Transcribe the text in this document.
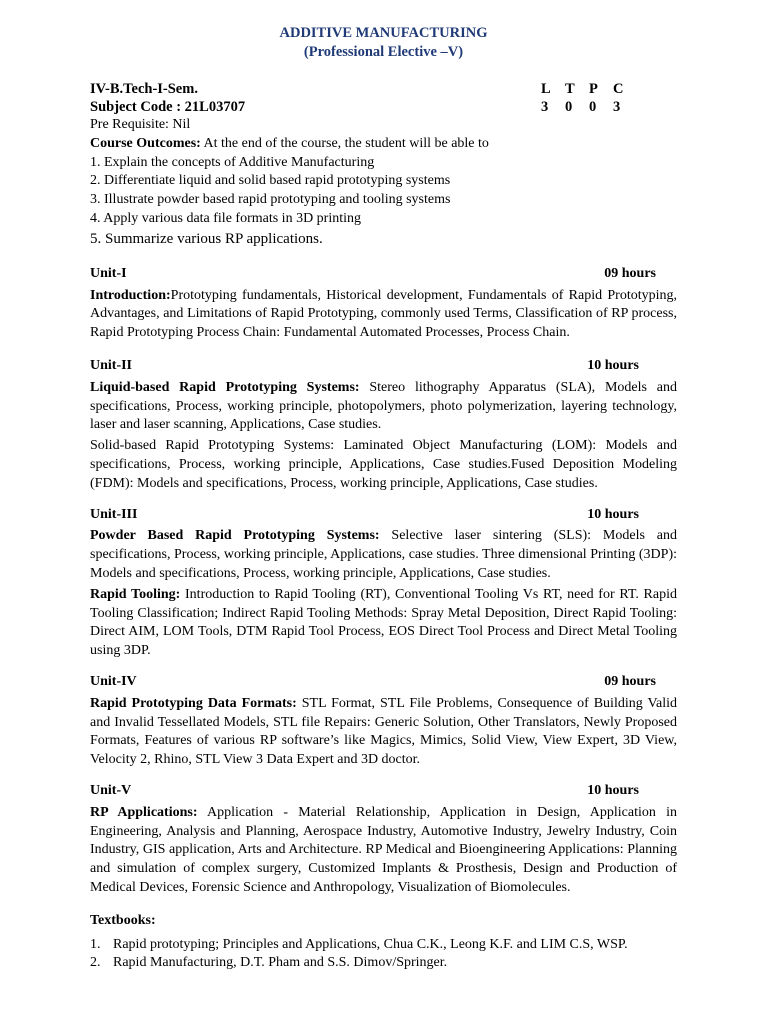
ADDITIVE MANUFACTURING
(Professional Elective –V)
IV-B.Tech-I-Sem.	L T P	C
Subject Code : 21L03707	3	0	0	3

Pre Requisite: Nil

Course Outcomes: At the end of the course, the student will be able to

1. Explain the concepts of Additive Manufacturing
2. Differentiate liquid and solid based rapid prototyping systems
3. Illustrate powder based rapid prototyping and tooling systems
4. Apply various data file formats in 3D printing
5. Summarize various RP applications.
Unit-I	09 hours

Introduction:Prototyping fundamentals, Historical development, Fundamentals of Rapid Prototyping, Advantages, and Limitations of Rapid Prototyping, commonly used Terms, Classification of RP process, Rapid Prototyping Process Chain: Fundamental Automated Processes, Process Chain.

Unit-II	10 hours

Liquid-based Rapid Prototyping Systems: Stereo lithography Apparatus (SLA), Models and specifications, Process, working principle, photopolymers, photo polymerization, layering technology, laser and laser scanning, Applications, Case studies.

Solid-based Rapid Prototyping Systems: Laminated Object Manufacturing (LOM): Models and specifications, Process, working principle, Applications, Case studies.Fused Deposition Modeling (FDM): Models and specifications, Process, working principle, Applications, Case studies.

Unit-III	10 hours

Powder Based Rapid Prototyping Systems: Selective laser sintering (SLS): Models and specifications, Process, working principle, Applications, case studies. Three dimensional Printing (3DP): Models and specifications, Process, working principle, Applications, Case studies.

Rapid Tooling: Introduction to Rapid Tooling (RT), Conventional Tooling Vs RT, need for RT. Rapid Tooling Classification; Indirect Rapid Tooling Methods: Spray Metal Deposition, Direct Rapid Tooling: Direct AIM, LOM Tools, DTM Rapid Tool Process, EOS Direct Tool Process and Direct Metal Tooling using 3DP.

Unit-IV	09 hours

Rapid Prototyping Data Formats: STL Format, STL File Problems, Consequence of Building Valid and Invalid Tessellated Models, STL file Repairs: Generic Solution, Other Translators, Newly Proposed Formats, Features of various RP software’s like Magics, Mimics, Solid View, View Expert, 3D View, Velocity 2, Rhino, STL View 3 Data Expert and 3D doctor.

Unit-V	10 hours

RP Applications: Application - Material Relationship, Application in Design, Application in Engineering, Analysis and Planning, Aerospace Industry, Automotive Industry, Jewelry Industry, Coin Industry, GIS application, Arts and Architecture. RP Medical and Bioengineering Applications: Planning and simulation of complex surgery, Customized Implants & Prosthesis, Design and Production of Medical Devices, Forensic Science and Anthropology, Visualization of Biomolecules.

Textbooks:
1. Rapid prototyping; Principles and Applications, Chua C.K., Leong K.F. and LIM C.S, WSP.
2. Rapid Manufacturing, D.T. Pham and S.S. Dimov/Springer.
